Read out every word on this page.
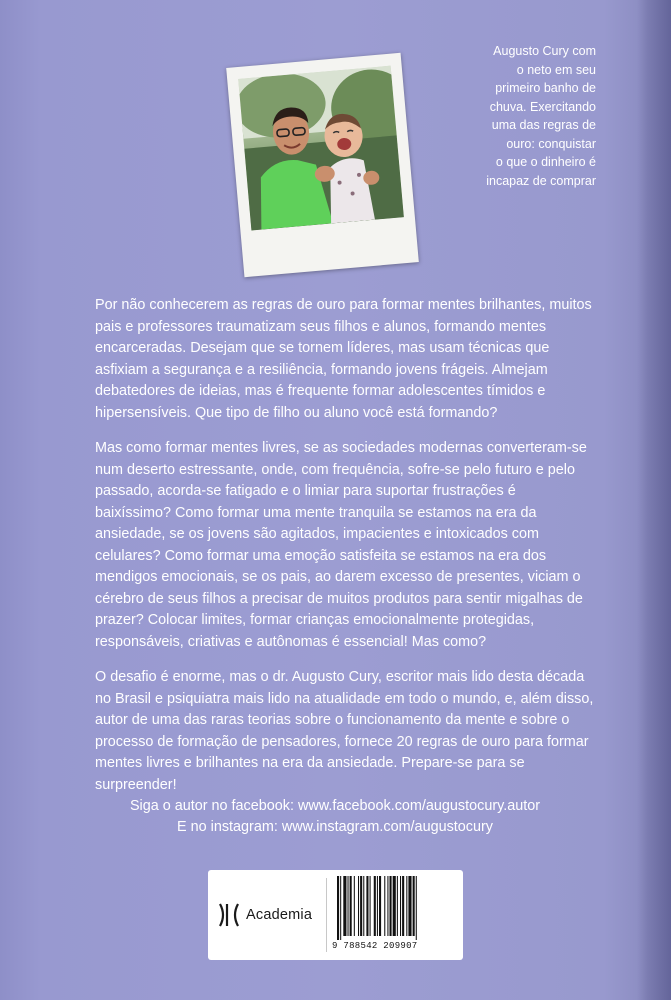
Augusto Cury com
o neto em seu
primeiro banho de
chuva. Exercitando
uma das regras de
ouro: conquistar
o que o dinheiro é
incapaz de comprar

Por não conhecerem as regras de ouro para formar mentes brilhantes, muitos pais e professores traumatizam seus filhos e alunos, formando mentes encarceradas. Desejam que se tornem líderes, mas usam técnicas que asfixiam a segurança e a resiliência, formando jovens frágeis. Almejam debatedores de ideias, mas é frequente formar adolescentes tímidos e hipersensíveis. Que tipo de filho ou aluno você está formando?

Mas como formar mentes livres, se as sociedades modernas converteram-se num deserto estressante, onde, com frequência, sofre-se pelo futuro e pelo passado, acorda-se fatigado e o limiar para suportar frustrações é baixíssimo? Como formar uma mente tranquila se estamos na era da ansiedade, se os jovens são agitados, impacientes e intoxicados com celulares? Como formar uma emoção satisfeita se estamos na era dos mendigos emocionais, se os pais, ao darem excesso de presentes, viciam o cérebro de seus filhos a precisar de muitos produtos para sentir migalhas de prazer? Colocar limites, formar crianças emocionalmente protegidas, responsáveis, criativas e autônomas é essencial! Mas como?

O desafio é enorme, mas o dr. Augusto Cury, escritor mais lido desta década no Brasil e psiquiatra mais lido na atualidade em todo o mundo, e, além disso, autor de uma das raras teorias sobre o funcionamento da mente e sobre o processo de formação de pensadores, fornece 20 regras de ouro para formar mentes livres e brilhantes na era da ansiedade. Prepare-se para se surpreender!

Siga o autor no facebook: www.facebook.com/augustocury.autor
E no instagram: www.instagram.com/augustocury
Academia
9 788542 209907
